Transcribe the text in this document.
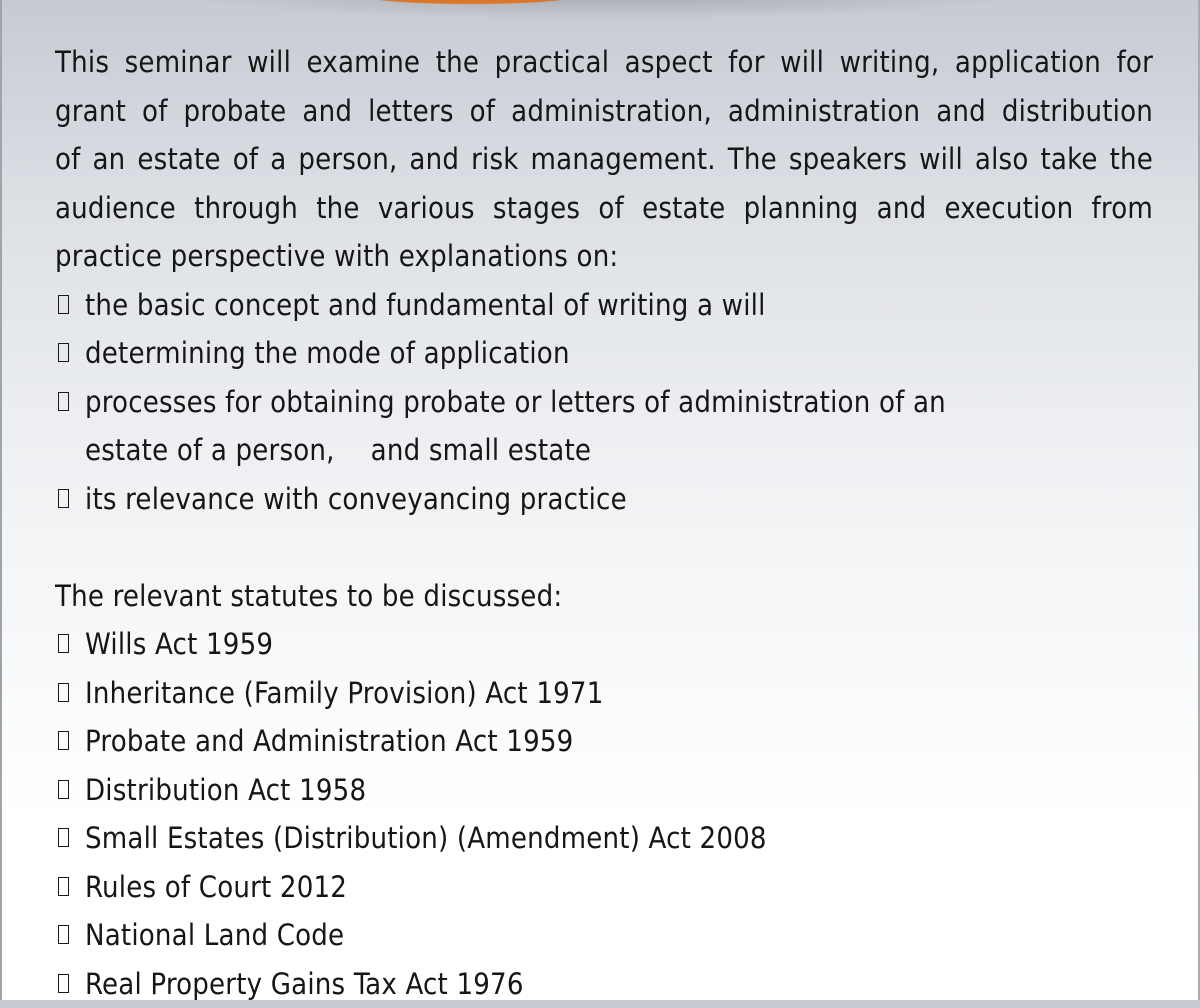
This seminar will examine the practical aspect for will writing, application for
grant of probate and letters of administration, administration and distribution
of an estate of a person, and risk management. The speakers will also take the
audience through the various stages of estate planning and execution from
practice perspective with explanations on:

the basic concept and fundamental of writing a will
determining the mode of application
processes for obtaining probate or letters of administration of an
estate of a person, and small estate
its relevance with conveyancing practice

The relevant statutes to be discussed:

Wills Act 1959
Inheritance (Family Provision) Act 1971
Probate and Administration Act 1959
Distribution Act 1958
Small Estates (Distribution) (Amendment) Act 2008
Rules of Court 2012
National Land Code
Real Property Gains Tax Act 1976
